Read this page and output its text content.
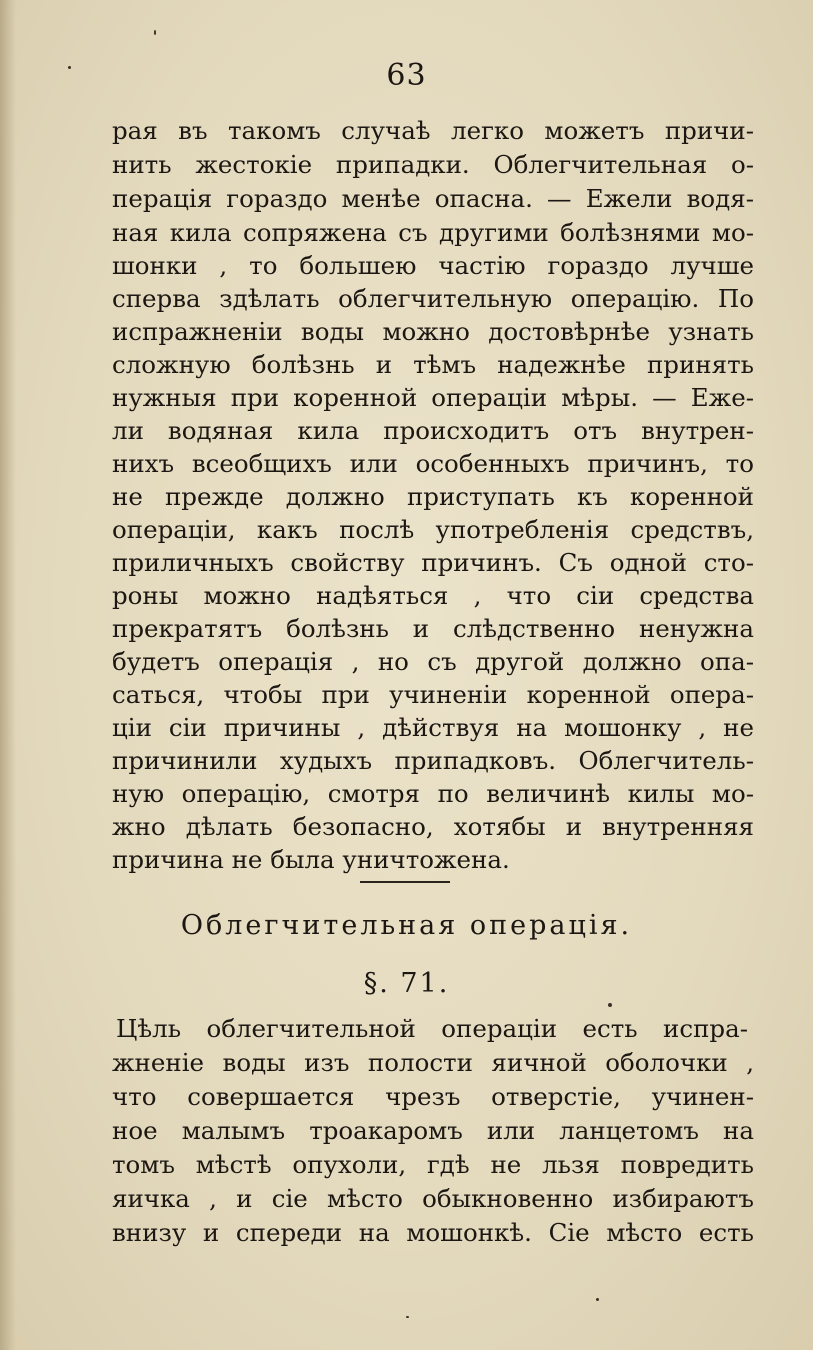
63
рая въ такомъ случаѣ легко можетъ причи-
нить жестокіе припадки. Облегчительная о-
перація гораздо менѣе опасна. — Ежели водя-
ная кила сопряжена съ другими болѣзнями мо-
шонки , то большею частію гораздо лучше
сперва здѣлать облегчительную операцію. По
испражненіи воды можно достовѣрнѣе узнать
сложную болѣзнь и тѣмъ надежнѣе принять
нужныя при коренной операціи мѣры. — Еже-
ли водяная кила происходитъ отъ внутрен-
нихъ всеобщихъ или особенныхъ причинъ, то
не прежде должно приступать къ коренной
операціи, какъ послѣ употребленія средствъ,
приличныхъ свойству причинъ. Съ одной сто-
роны можно надѣяться , что сіи средства
прекратятъ болѣзнь и слѣдственно ненужна
будетъ операція , но съ другой должно опа-
саться, чтобы при учиненіи коренной опера-
ціи сіи причины , дѣйствуя на мошонку , не
причинили худыхъ припадковъ. Облегчитель-
ную операцію, смотря по величинѣ килы мо-
жно дѣлать безопасно, хотябы и внутренняя
причина не была уничтожена.
Облегчительная операція.
§. 71.
Цѣль облегчительной операціи есть испра-
жненіе воды изъ полости яичной оболочки ,
что совершается чрезъ отверстіе, учинен-
ное малымъ троакаромъ или ланцетомъ на
томъ мѣстѣ опухоли, гдѣ не льзя повредить
яичка , и сіе мѣсто обыкновенно избираютъ
внизу и спереди на мошонкѣ. Сіе мѣсто есть
